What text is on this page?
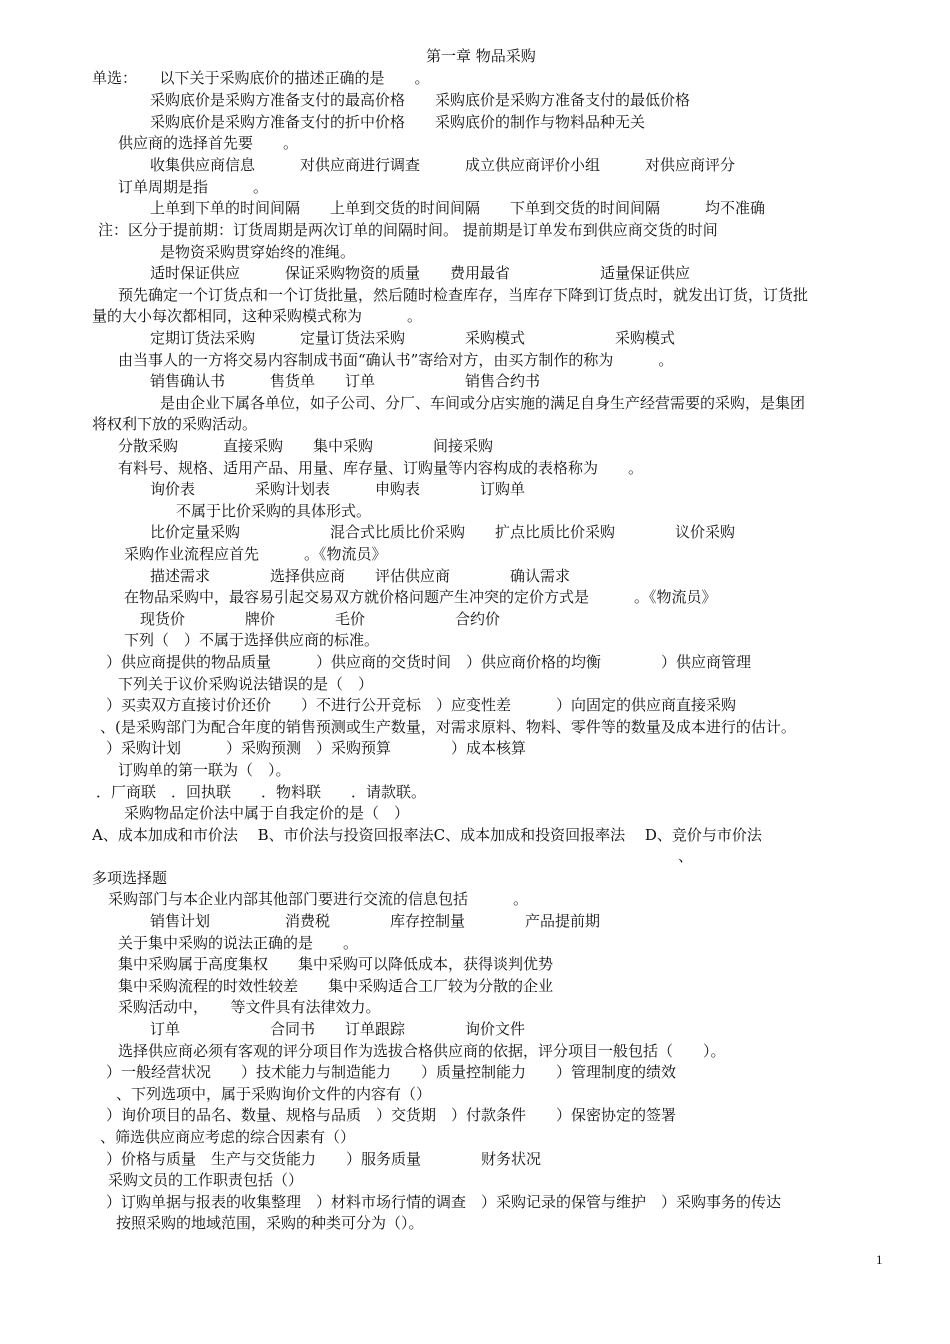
第一章 物品采购
单选：　　以下关于采购底价的描述正确的是　　。
采购底价是采购方准备支付的最高价格　　采购底价是采购方准备支付的最低价格
采购底价是采购方准备支付的折中价格　　采购底价的制作与物料品种无关
供应商的选择首先要　　。
收集供应商信息　　　对供应商进行调查　　　成立供应商评价小组　　　对供应商评分
订单周期是指　　　。
上单到下单的时间间隔　　上单到交货的时间间隔　　下单到交货的时间间隔　　　均不准确
注：区分于提前期：订货周期是两次订单的间隔时间。 提前期是订单发布到供应商交货的时间
是物资采购贯穿始终的准绳。
适时保证供应　　　保证采购物资的质量　　费用最省　　　　　　适量保证供应
预先确定一个订货点和一个订货批量，然后随时检查库存，当库存下降到订货点时，就发出订货，订货批
量的大小每次都相同，这种采购模式称为　　　。
定期订货法采购　　　定量订货法采购　　　　采购模式　　　　　　采购模式
由当事人的一方将交易内容制成书面“确认书”寄给对方，由买方制作的称为　　　。
销售确认书　　　售货单　　订单　　　　　　销售合约书
是由企业下属各单位，如子公司、分厂、车间或分店实施的满足自身生产经营需要的采购，是集团
将权利下放的采购活动。
分散采购　　　直接采购　　集中采购　　　　间接采购
有料号、规格、适用产品、用量、库存量、订购量等内容构成的表格称为　　。
询价表　　　　采购计划表　　　申购表　　　　订购单
不属于比价采购的具体形式。
比价定量采购　　　　　　混合式比质比价采购　　扩点比质比价采购　　　　议价采购
采购作业流程应首先　　　。《物流员》
描述需求　　　　选择供应商　　评估供应商　　　　确认需求
在物品采购中，最容易引起交易双方就价格问题产生冲突的定价方式是　　　。《物流员》
现货价　　　　牌价　　　　毛价　　　　　　合约价
下列（　）不属于选择供应商的标准。
）供应商提供的物品质量　　　）供应商的交货时间　）供应商价格的均衡　　　　）供应商管理
下列关于议价采购说法错误的是（　）
）买卖双方直接讨价还价　　）不进行公开竞标　）应变性差　　　）向固定的供应商直接采购
、(是采购部门为配合年度的销售预测或生产数量，对需求原料、物料、零件等的数量及成本进行的估计。
）采购计划　　　）采购预测　）采购预算　　　　）成本核算
订购单的第一联为（　）。
．厂商联　．回执联　　．物料联　　．请款联。
采购物品定价法中属于自我定价的是（　）
A、成本加成和市价法　 B、市价法与投资回报率法C、成本加成和投资回报率法　 D、竞价与市价法
、
多项选择题
采购部门与本企业内部其他部门要进行交流的信息包括　　　。
销售计划　　　　　消费税　　　　库存控制量　　　　产品提前期
关于集中采购的说法正确的是　　。
集中采购属于高度集权　　集中采购可以降低成本，获得谈判优势
集中采购流程的时效性较差　　集中采购适合工厂较为分散的企业
采购活动中，　　等文件具有法律效力。
订单　　　　　　合同书　　订单跟踪　　　　询价文件
选择供应商必须有客观的评分项目作为选拔合格供应商的依据，评分项目一般包括（　　）。
）一般经营状况　　）技术能力与制造能力　　）质量控制能力　　）管理制度的绩效
、下列选项中，属于采购询价文件的内容有（）
）询价项目的品名、数量、规格与品质　）交货期　）付款条件　　）保密协定的签署
、筛选供应商应考虑的综合因素有（）
）价格与质量　生产与交货能力　　）服务质量　　　　财务状况
采购文员的工作职责包括（）
）订购单据与报表的收集整理　）材料市场行情的调查　）采购记录的保管与维护　）采购事务的传达
按照采购的地域范围，采购的种类可分为（）。
1
